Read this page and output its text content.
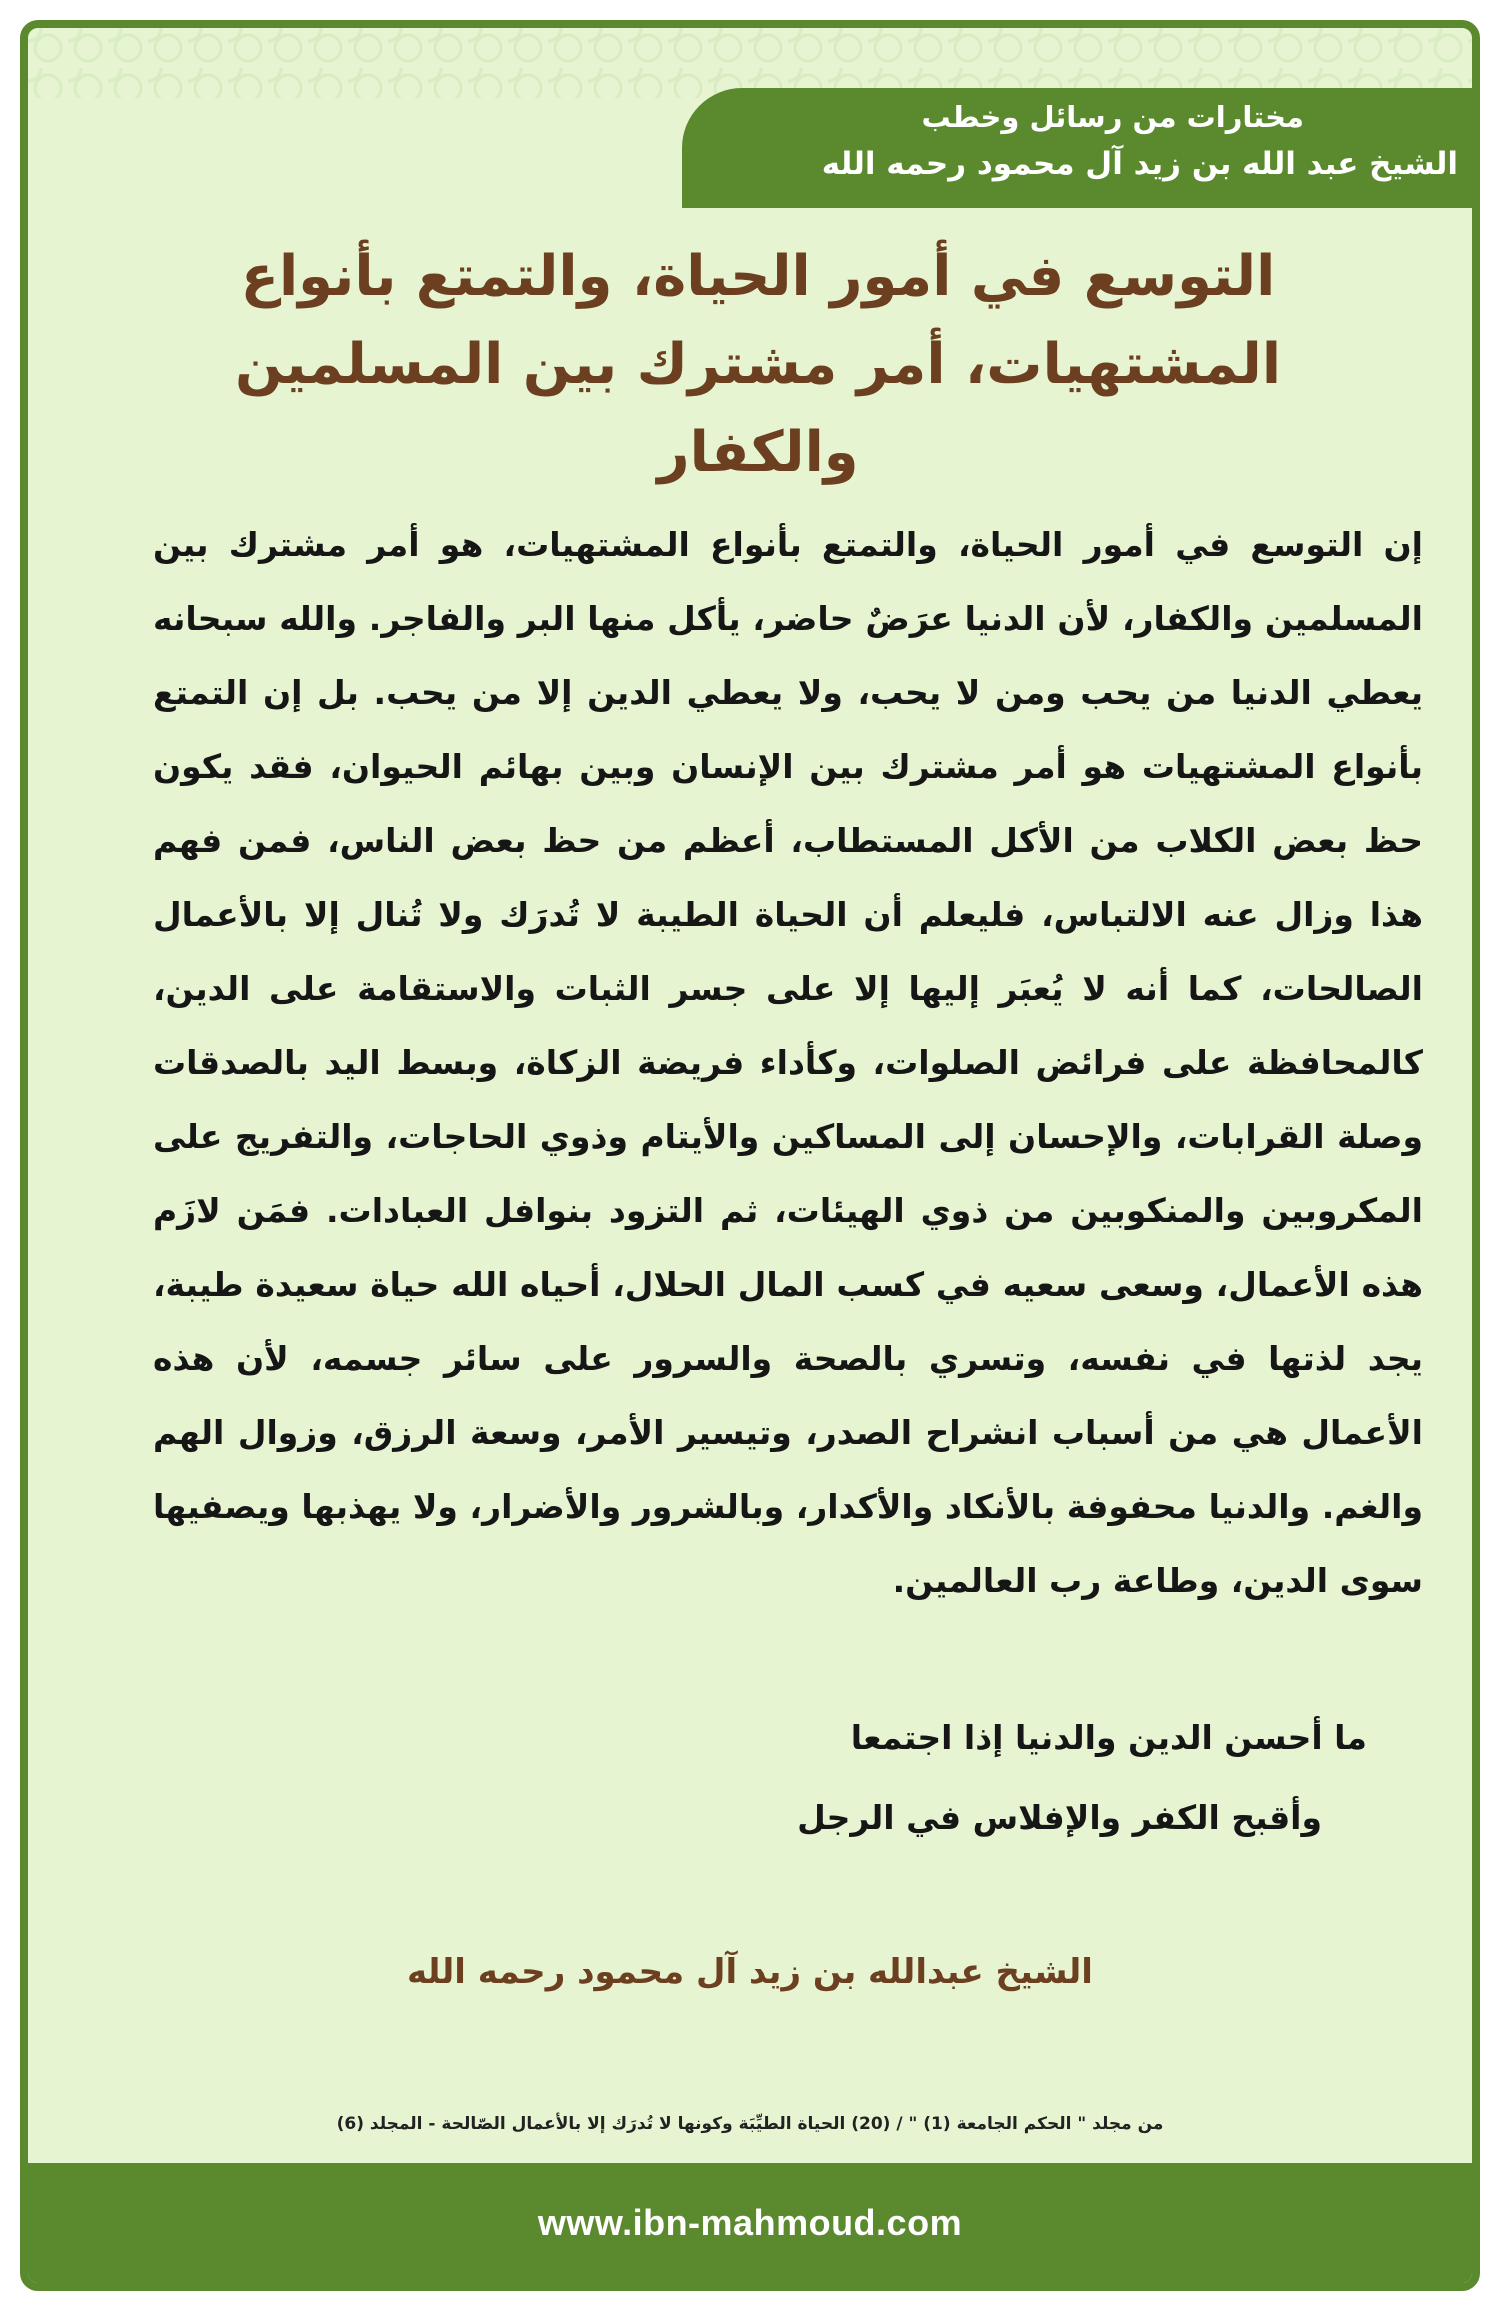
مختارات من رسائل وخطب
الشيخ عبد الله بن زيد آل محمود رحمه الله
التوسع في أمور الحياة، والتمتع بأنواع المشتهيات، أمر مشترك بين المسلمين والكفار
إن التوسع في أمور الحياة، والتمتع بأنواع المشتهيات، هو أمر مشترك بين المسلمين والكفار، لأن الدنيا عرَضٌ حاضر، يأكل منها البر والفاجر. والله سبحانه يعطي الدنيا من يحب ومن لا يحب، ولا يعطي الدين إلا من يحب. بل إن التمتع بأنواع المشتهيات هو أمر مشترك بين الإنسان وبين بهائم الحيوان، فقد يكون حظ بعض الكلاب من الأكل المستطاب، أعظم من حظ بعض الناس، فمن فهم هذا وزال عنه الالتباس، فليعلم أن الحياة الطيبة لا تُدرَك ولا تُنال إلا بالأعمال الصالحات، كما أنه لا يُعبَر إليها إلا على جسر الثبات والاستقامة على الدين، كالمحافظة على فرائض الصلوات، وكأداء فريضة الزكاة، وبسط اليد بالصدقات وصلة القرابات، والإحسان إلى المساكين والأيتام وذوي الحاجات، والتفريج على المكروبين والمنكوبين من ذوي الهيئات، ثم التزود بنوافل العبادات. فمَن لازَم هذه الأعمال، وسعى سعيه في كسب المال الحلال، أحياه الله حياة سعيدة طيبة، يجد لذتها في نفسه، وتسري بالصحة والسرور على سائر جسمه، لأن هذه الأعمال هي من أسباب انشراح الصدر، وتيسير الأمر، وسعة الرزق، وزوال الهم والغم. والدنيا محفوفة بالأنكاد والأكدار، وبالشرور والأضرار، ولا يهذبها ويصفيها سوى الدين، وطاعة رب العالمين.
ما أحسن الدين والدنيا إذا اجتمعا
وأقبح الكفر والإفلاس في الرجل
الشيخ عبدالله بن زيد آل محمود رحمه الله
من مجلد " الحكم الجامعة (1) " / (20) الحياة الطيِّبَة وكونها لا تُدرَك إلا بالأعمال الصّالحة - المجلد (6)
www.ibn-mahmoud.com
